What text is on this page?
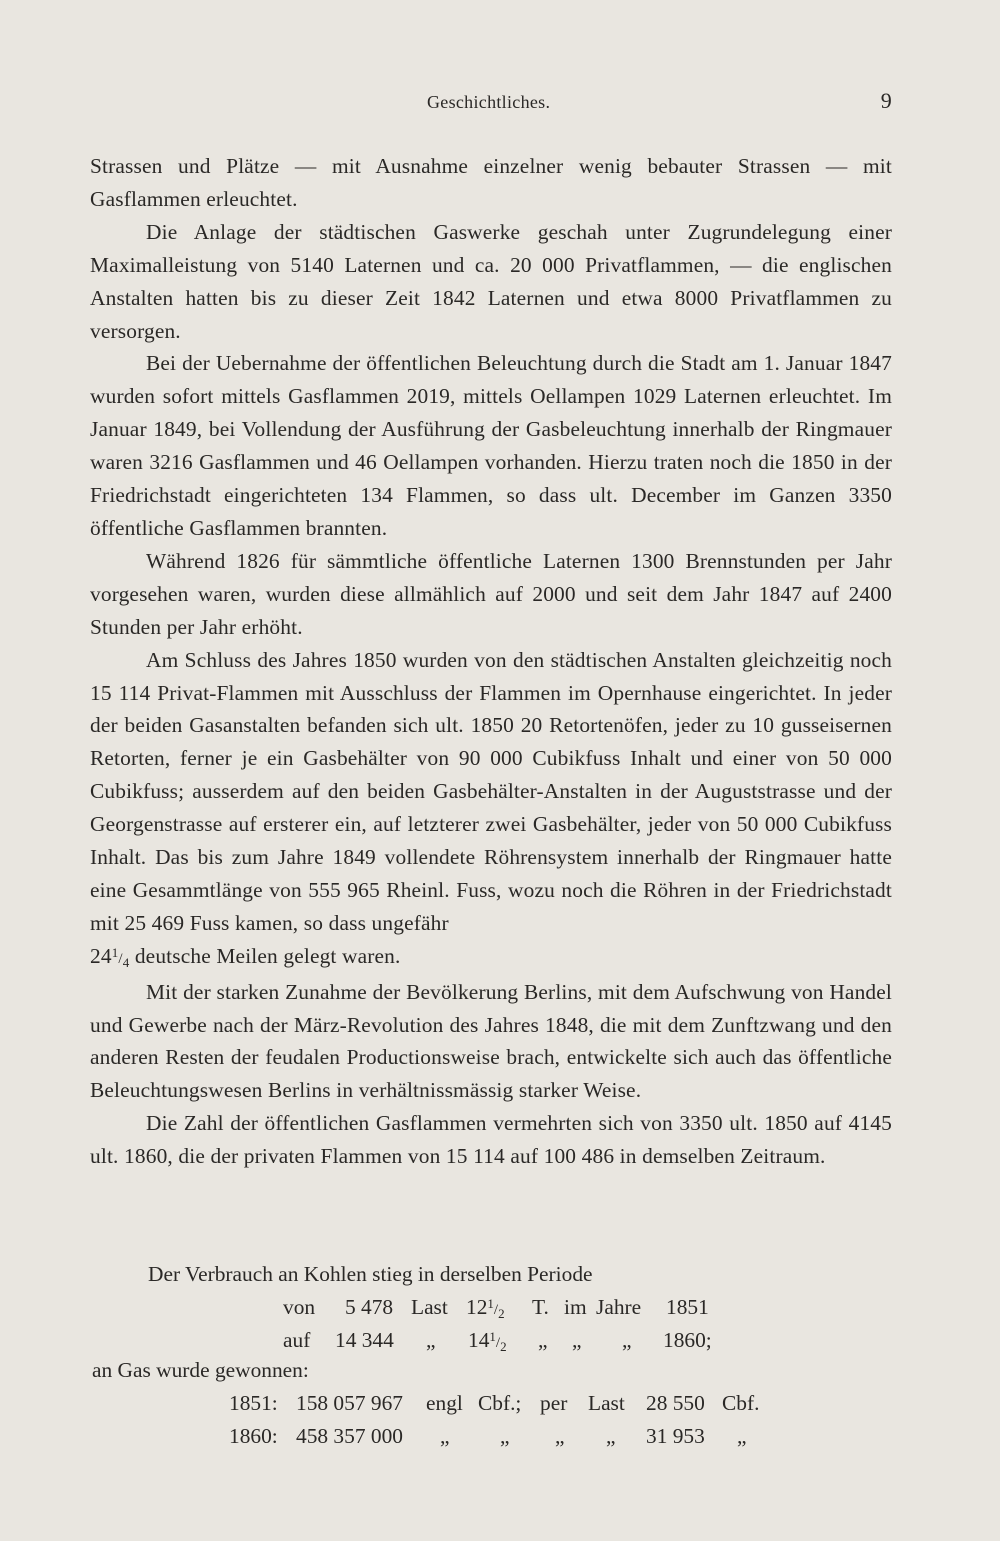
Geschichtliches.	9

Strassen und Plätze — mit Ausnahme einzelner wenig bebauter Strassen — mit Gasflammen erleuchtet.

Die Anlage der städtischen Gaswerke geschah unter Zugrundelegung einer Maximalleistung von 5140 Laternen und ca. 20 000 Privatflammen, — die englischen Anstalten hatten bis zu dieser Zeit 1842 Laternen und etwa 8000 Privatflammen zu versorgen.

Bei der Uebernahme der öffentlichen Beleuchtung durch die Stadt am 1. Januar 1847 wurden sofort mittels Gasflammen 2019, mittels Oellampen 1029 Laternen erleuchtet. Im Januar 1849, bei Vollendung der Ausführung der Gasbeleuchtung innerhalb der Ringmauer waren 3216 Gasflammen und 46 Oellampen vorhanden. Hierzu traten noch die 1850 in der Friedrichstadt eingerichteten 134 Flammen, so dass ult. December im Ganzen 3350 öffentliche Gasflammen brannten.

Während 1826 für sämmtliche öffentliche Laternen 1300 Brennstunden per Jahr vorgesehen waren, wurden diese allmählich auf 2000 und seit dem Jahr 1847 auf 2400 Stunden per Jahr erhöht.

Am Schluss des Jahres 1850 wurden von den städtischen Anstalten gleichzeitig noch 15 114 Privat-Flammen mit Ausschluss der Flammen im Opernhause eingerichtet. In jeder der beiden Gasanstalten befanden sich ult. 1850 20 Retortenöfen, jeder zu 10 gusseisernen Retorten, ferner je ein Gasbehälter von 90 000 Cubikfuss Inhalt und einer von 50 000 Cubikfuss; ausserdem auf den beiden Gasbehälter-Anstalten in der Auguststrasse und der Georgenstrasse auf ersterer ein, auf letzterer zwei Gasbehälter, jeder von 50 000 Cubikfuss Inhalt. Das bis zum Jahre 1849 vollendete Röhrensystem innerhalb der Ringmauer hatte eine Gesammtlänge von 555 965 Rheinl. Fuss, wozu noch die Röhren in der Friedrichstadt mit 25 469 Fuss kamen, so dass ungefähr

$24^1/_4$ deutsche Meilen gelegt waren.

Mit der starken Zunahme der Bevölkerung Berlins, mit dem Aufschwung von Handel und Gewerbe nach der März-Revolution des Jahres 1848, die mit dem Zunftzwang und den anderen Resten der feudalen Productionsweise brach, entwickelte sich auch das öffentliche Beleuchtungswesen Berlins in verhältnissmässig starker Weise.

Die Zahl der öffentlichen Gasflammen vermehrten sich von 3350 ult. 1850 auf 4145 ult. 1860, die der privaten Flammen von 15 114 auf 100 486 in demselben Zeitraum.

Der Verbrauch an Kohlen stieg in derselben Periode
von 5 478 Last $12^1/_2$ T. im Jahre 1851
auf 14 344 „ $14^1/_2$ „ „ „ 1860;
an Gas wurde gewonnen:
1851: 158 057 967 engl Cbf.; per Last 28 550 Cbf.
1860: 458 357 000 „ „ „ „ 31 953 „
